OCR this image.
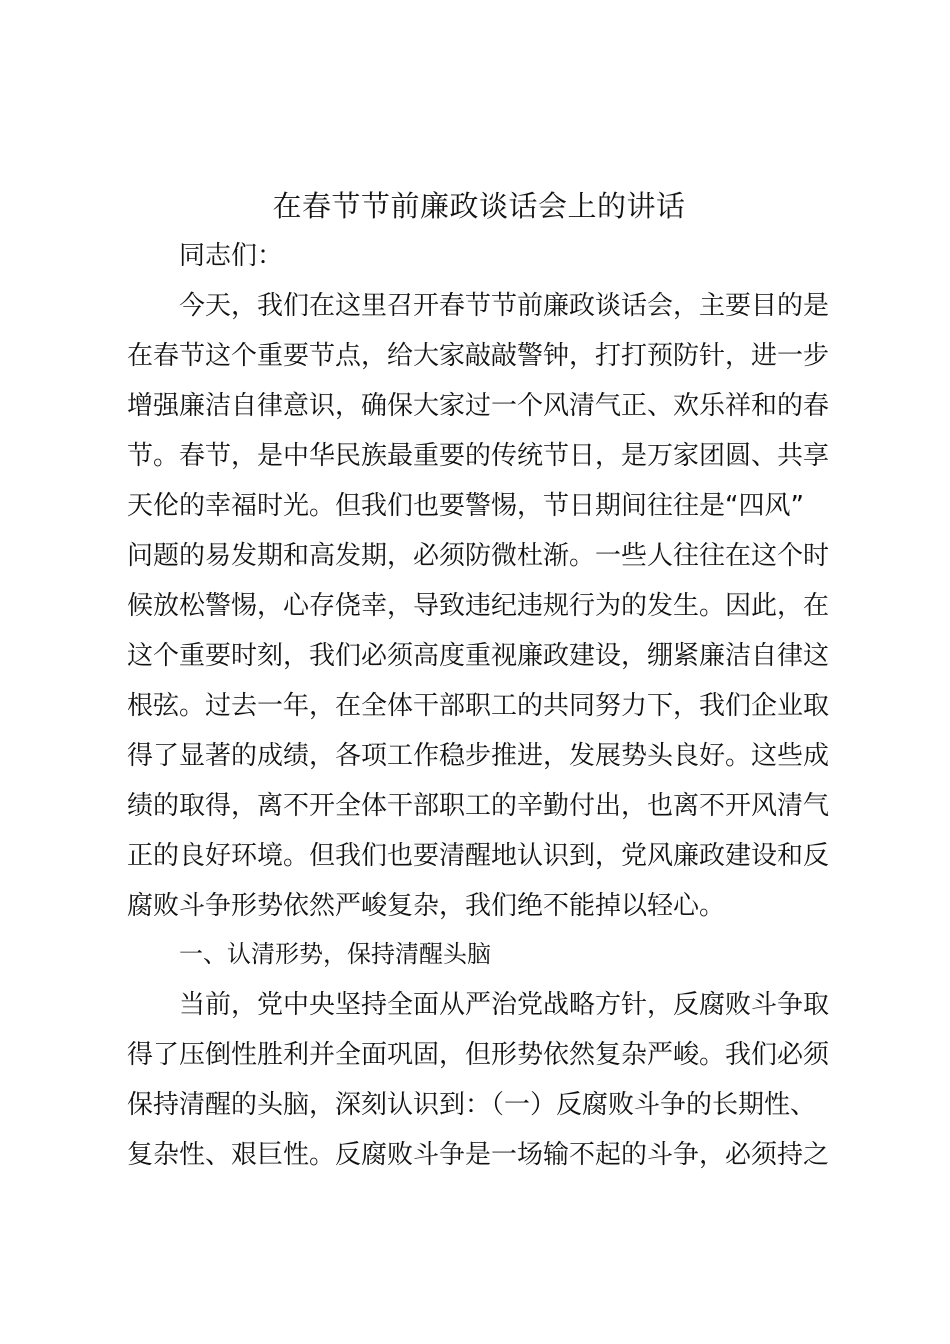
在春节节前廉政谈话会上的讲话
同志们：
今天，我们在这里召开春节节前廉政谈话会，主要目的是
在春节这个重要节点，给大家敲敲警钟，打打预防针，进一步
增强廉洁自律意识，确保大家过一个风清气正、欢乐祥和的春
节。春节，是中华民族最重要的传统节日，是万家团圆、共享
天伦的幸福时光。但我们也要警惕，节日期间往往是“四风”
问题的易发期和高发期，必须防微杜渐。一些人往往在这个时
候放松警惕，心存侥幸，导致违纪违规行为的发生。因此，在
这个重要时刻，我们必须高度重视廉政建设，绷紧廉洁自律这
根弦。过去一年，在全体干部职工的共同努力下，我们企业取
得了显著的成绩，各项工作稳步推进，发展势头良好。这些成
绩的取得，离不开全体干部职工的辛勤付出，也离不开风清气
正的良好环境。但我们也要清醒地认识到，党风廉政建设和反
腐败斗争形势依然严峻复杂，我们绝不能掉以轻心。
一、认清形势，保持清醒头脑
当前，党中央坚持全面从严治党战略方针，反腐败斗争取
得了压倒性胜利并全面巩固，但形势依然复杂严峻。我们必须
保持清醒的头脑，深刻认识到：（一）反腐败斗争的长期性、
复杂性、艰巨性。反腐败斗争是一场输不起的斗争，必须持之
